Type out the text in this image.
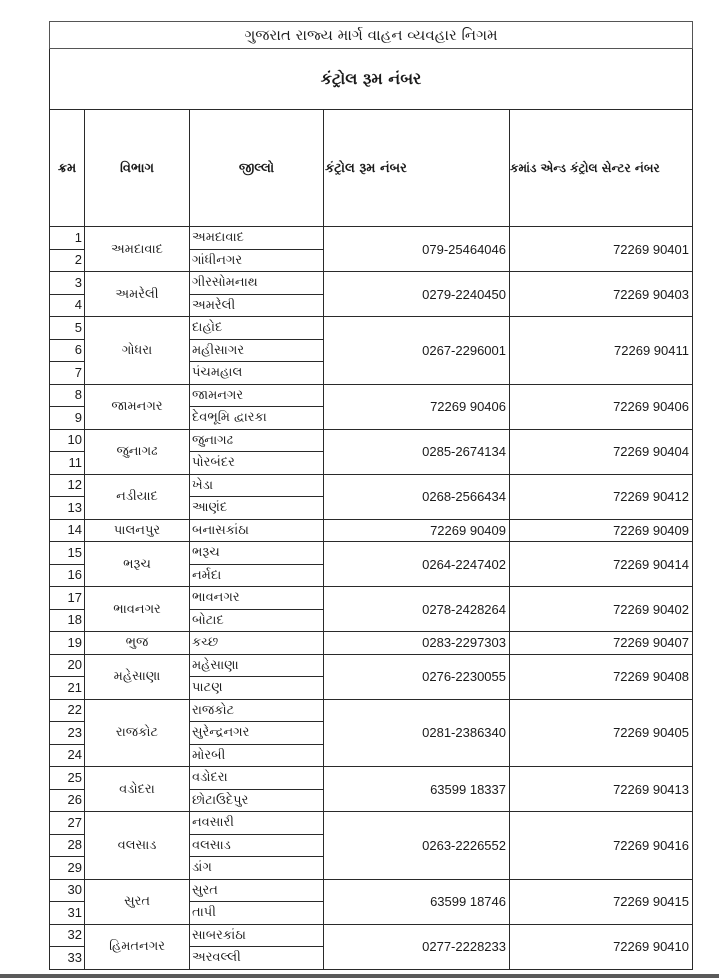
ગુજરાત રાજ્ય માર્ગ વાહન વ્યવહાર નિગમ				
કંટ્રોલ રૂમ નંબર				
ક્રમ	વિભાગ	જીલ્લો	કંટ્રોલ રૂમ નંબર	કમાંડ એન્ડ કંટ્રોલ સેન્ટર નંબર
1	અમદાવાદ	અમદાવાદ	079-25464046	72269 90401
2		ગાંધીનગર		
3	અમરેલી	ગીરસોમનાથ	0279-2240450	72269 90403
4		અમરેલી		
5	ગોધરા	દાહોદ	0267-2296001	72269 90411
6		મહીસાગર		
7		પંચમહાલ		
8	જામનગર	જામનગર	72269 90406	72269 90406
9		દેવભૂમિ દ્વારકા		
10	જુનાગઢ	જુનાગઢ	0285-2674134	72269 90404
11		પોરબંદર		
12	નડીયાદ	ખેડા	0268-2566434	72269 90412
13		આણંદ		
14	પાલનપુર	બનાસકાંઠા	72269 90409	72269 90409
15	ભરૂચ	ભરૂચ	0264-2247402	72269 90414
16		નર્મદા		
17	ભાવનગર	ભાવનગર	0278-2428264	72269 90402
18		બોટાદ		
19	ભુજ	કચ્છ	0283-2297303	72269 90407
20	મહેસાણા	મહેસાણા	0276-2230055	72269 90408
21		પાટણ		
22	રાજકોટ	રાજકોટ	0281-2386340	72269 90405
23		સુરેન્દ્રનગર		
24		મોરબી		
25	વડોદરા	વડોદરા	63599 18337	72269 90413
26		છોટાઉદેપુર		
27	વલસાડ	નવસારી	0263-2226552	72269 90416
28		વલસાડ		
29		ડાંગ		
30	સુરત	સુરત	63599 18746	72269 90415
31		તાપી		
32	હિમતનગર	સાબરકાંઠા	0277-2228233	72269 90410
33		અરવલ્લી		
